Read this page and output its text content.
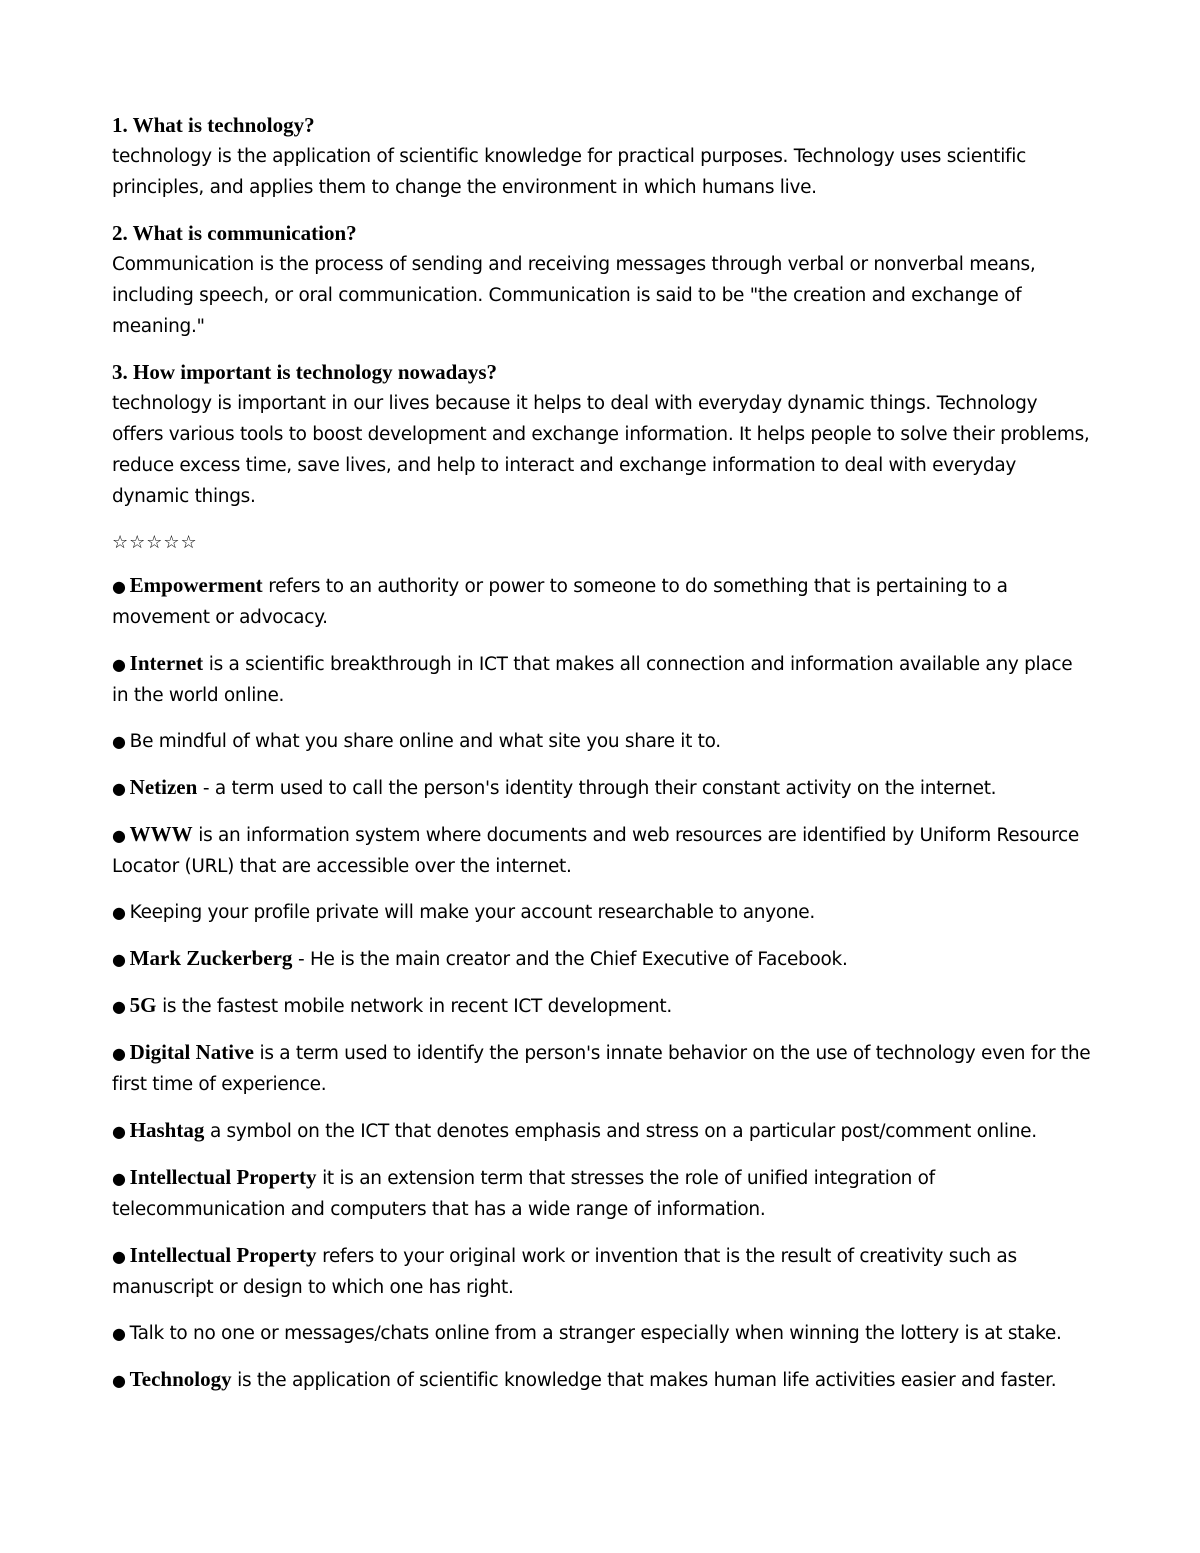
1. What is technology?
technology is the application of scientific knowledge for practical purposes. Technology uses scientific principles, and applies them to change the environment in which humans live.
2. What is communication?
Communication is the process of sending and receiving messages through verbal or nonverbal means, including speech, or oral communication. Communication is said to be "the creation and exchange of meaning."
3. How important is technology nowadays?
technology is important in our lives because it helps to deal with everyday dynamic things. Technology offers various tools to boost development and exchange information. It helps people to solve their problems, reduce excess time, save lives, and help to interact and exchange information to deal with everyday dynamic things.
☆☆☆☆☆
● Empowerment refers to an authority or power to someone to do something that is pertaining to a movement or advocacy.
● Internet is a scientific breakthrough in ICT that makes all connection and information available any place in the world online.
● Be mindful of what you share online and what site you share it to.
● Netizen - a term used to call the person's identity through their constant activity on the internet.
● WWW is an information system where documents and web resources are identified by Uniform Resource Locator (URL) that are accessible over the internet.
● Keeping your profile private will make your account researchable to anyone.
● Mark Zuckerberg - He is the main creator and the Chief Executive of Facebook.
● 5G is the fastest mobile network in recent ICT development.
● Digital Native is a term used to identify the person's innate behavior on the use of technology even for the first time of experience.
● Hashtag a symbol on the ICT that denotes emphasis and stress on a particular post/comment online.
● Intellectual Property it is an extension term that stresses the role of unified integration of telecommunication and computers that has a wide range of information.
● Intellectual Property refers to your original work or invention that is the result of creativity such as manuscript or design to which one has right.
● Talk to no one or messages/chats online from a stranger especially when winning the lottery is at stake.
● Technology is the application of scientific knowledge that makes human life activities easier and faster.
